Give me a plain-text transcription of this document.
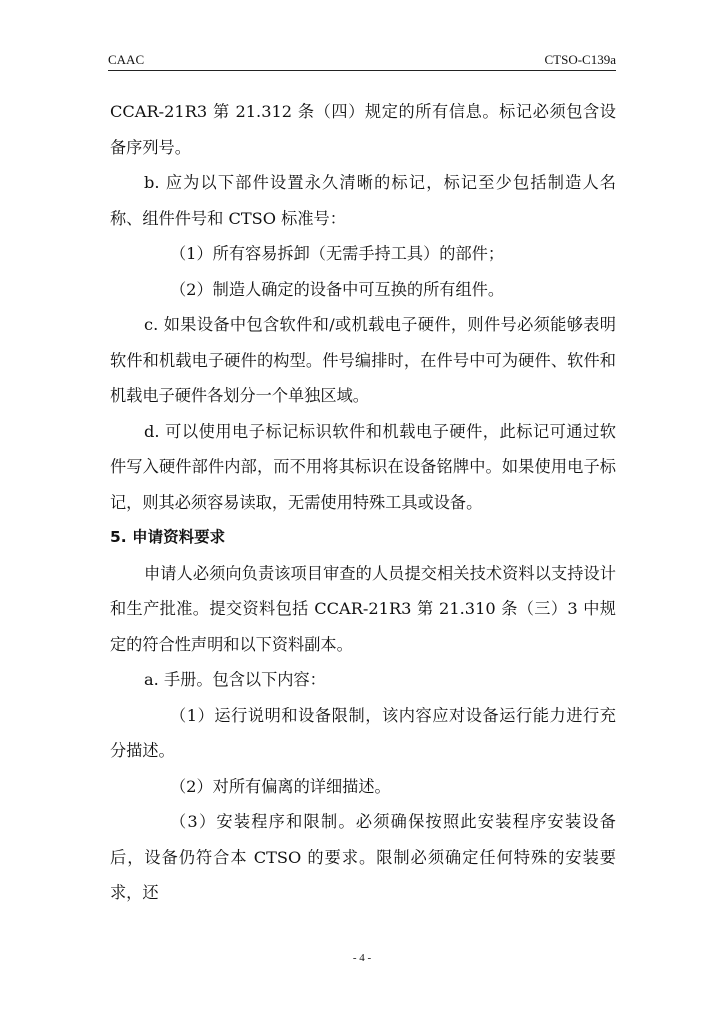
CAAC	CTSO-C139a

CCAR-21R3 第 21.312 条（四）规定的所有信息。标记必须包含设备序列号。

b. 应为以下部件设置永久清晰的标记，标记至少包括制造人名称、组件件号和 CTSO 标准号：

（1）所有容易拆卸（无需手持工具）的部件；

（2）制造人确定的设备中可互换的所有组件。

c. 如果设备中包含软件和/或机载电子硬件，则件号必须能够表明软件和机载电子硬件的构型。件号编排时，在件号中可为硬件、软件和机载电子硬件各划分一个单独区域。

d. 可以使用电子标记标识软件和机载电子硬件，此标记可通过软件写入硬件部件内部，而不用将其标识在设备铭牌中。如果使用电子标记，则其必须容易读取，无需使用特殊工具或设备。

5. 申请资料要求

申请人必须向负责该项目审查的人员提交相关技术资料以支持设计和生产批准。提交资料包括 CCAR-21R3 第 21.310 条（三）3 中规定的符合性声明和以下资料副本。

a. 手册。包含以下内容：

（1）运行说明和设备限制，该内容应对设备运行能力进行充分描述。

（2）对所有偏离的详细描述。

（3）安装程序和限制。必须确保按照此安装程序安装设备后，设备仍符合本 CTSO 的要求。限制必须确定任何特殊的安装要求，还

- 4 -
